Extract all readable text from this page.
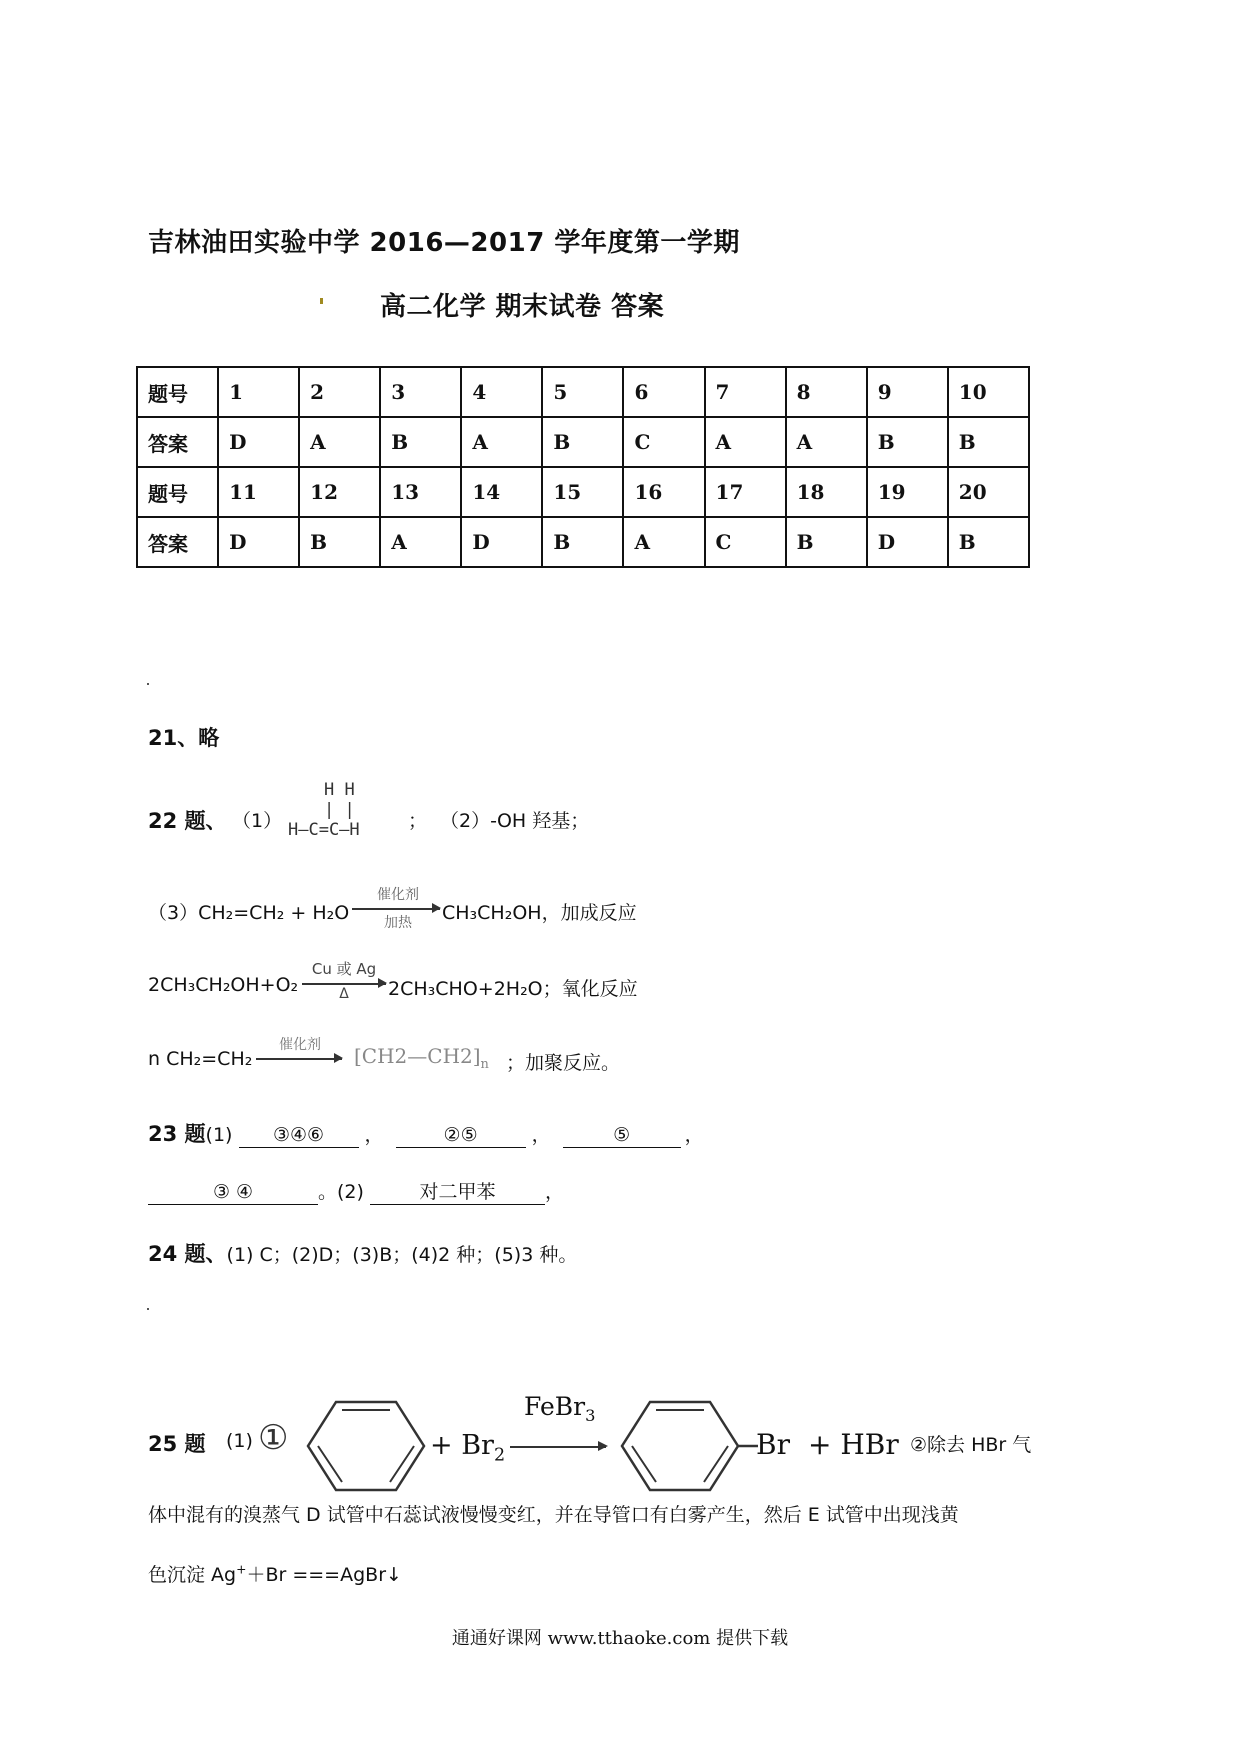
吉林油田实验中学 2016—2017 学年度第一学期
高二化学 期末试卷 答案
题号	1	2	3	4	5	6	7	8	9	10
答案	D	A	B	A	B	C	A	A	B	B
题号	11	12	13	14	15	16	17	18	19	20
答案	D	B	A	D	B	A	C	B	D	B
21、略
22 题、 （1）
H H
| |
H—C=C—H	； （2）-OH 羟基；
（3）CH₂=CH₂ + H₂O
催化剂
加热	CH₃CH₂OH，加成反应
2CH₃CH₂OH+O₂
Cu 或 Ag
Δ	2CH₃CHO+2H₂O；氧化反应
n CH₂=CH₂
催化剂	$[CH2—CH2]_n$ ；加聚反应。
23 题(1) ③④⑥ ，	②⑤	，	⑤	，
③ ④	。(2)	对二甲苯	，
24 题、(1) C；(2)D；(3)B；(4)2 种；(5)3 种。
25 题 (1) ①	+ $Br_2$
FeBr$_3$
Br + HBr ②除去 HBr 气
体中混有的溴蒸气 D 试管中石蕊试液慢慢变红，并在导管口有白雾产生，然后 E 试管中出现浅黄
色沉淀 Ag+＋Br ===AgBr↓
通通好课网 www.tthaoke.com 提供下载
